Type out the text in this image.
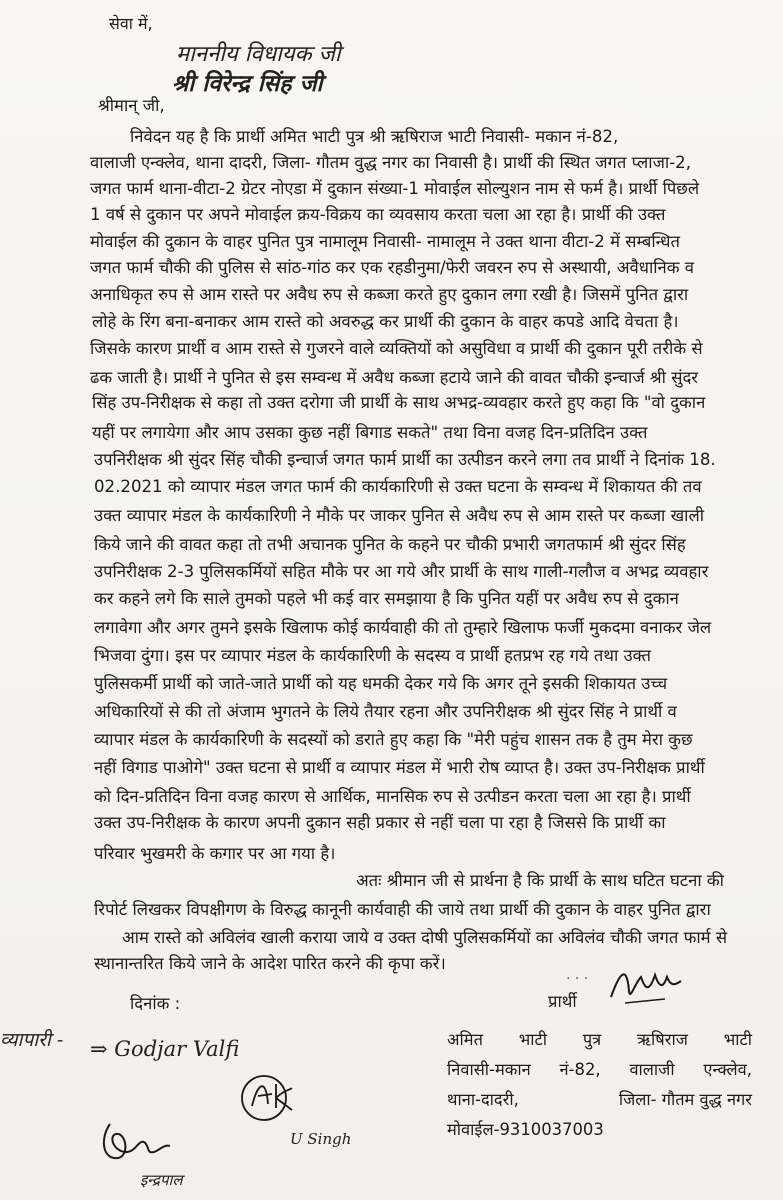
सेवा में,
माननीय विधायक जी
श्री विरेन्द्र सिंह जी
श्रीमान् जी,
निवेदन यह है कि प्रार्थी अमित भाटी पुत्र श्री ऋषिराज भाटी निवासी- मकान नं-82,
वालाजी एन्क्लेव, थाना दादरी, जिला- गौतम वुद्ध नगर का निवासी है। प्रार्थी की स्थित जगत प्लाजा-2,
जगत फार्म थाना-वीटा-2 ग्रेटर नोएडा में दुकान संख्या-1 मोवाईल सोल्युशन नाम से फर्म है। प्रार्थी पिछले
1 वर्ष से दुकान पर अपने मोवाईल क्रय-विक्रय का व्यवसाय करता चला आ रहा है। प्रार्थी की उक्त
मोवाईल की दुकान के वाहर पुनित पुत्र नामालूम निवासी- नामालूम ने उक्त थाना वीटा-2 में सम्बन्धित
जगत फार्म चौकी की पुलिस से सांठ-गांठ कर एक रहडीनुमा/फेरी जवरन रुप से अस्थायी, अवैधानिक व
अनाधिकृत रुप से आम रास्ते पर अवैध रुप से कब्जा करते हुए दुकान लगा रखी है। जिसमें पुनित द्वारा
लोहे के रिंग बना-बनाकर आम रास्ते को अवरुद्ध कर प्रार्थी की दुकान के वाहर कपडे आदि वेचता है।
जिसके कारण प्रार्थी व आम रास्ते से गुजरने वाले व्यक्तियों को असुविधा व प्रार्थी की दुकान पूरी तरीके से
ढक जाती है। प्रार्थी ने पुनित से इस सम्वन्ध में अवैध कब्जा हटाये जाने की वावत चौकी इन्चार्ज श्री सुंदर
सिंह उप-निरीक्षक से कहा तो उक्त दरोगा जी प्रार्थी के साथ अभद्र-व्यवहार करते हुए कहा कि "वो दुकान
यहीं पर लगायेगा और आप उसका कुछ नहीं बिगाड सकते" तथा विना वजह दिन-प्रतिदिन उक्त
उपनिरीक्षक श्री सुंदर सिंह चौकी इन्चार्ज जगत फार्म प्रार्थी का उत्पीडन करने लगा तव प्रार्थी ने दिनांक 18.
02.2021 को व्यापार मंडल जगत फार्म की कार्यकारिणी से उक्त घटना के सम्वन्ध में शिकायत की तव
उक्त व्यापार मंडल के कार्यकारिणी ने मौके पर जाकर पुनित से अवैध रुप से आम रास्ते पर कब्जा खाली
किये जाने की वावत कहा तो तभी अचानक पुनित के कहने पर चौकी प्रभारी जगतफार्म श्री सुंदर सिंह
उपनिरीक्षक 2-3 पुलिसकर्मियों सहित मौके पर आ गये और प्रार्थी के साथ गाली-गलौज व अभद्र व्यवहार
कर कहने लगे कि साले तुमको पहले भी कई वार समझाया है कि पुनित यहीं पर अवैध रुप से दुकान
लगावेगा और अगर तुमने इसके खिलाफ कोई कार्यवाही की तो तुम्हारे खिलाफ फर्जी मुकदमा वनाकर जेल
भिजवा दुंगा। इस पर व्यापार मंडल के कार्यकारिणी के सदस्य व प्रार्थी हतप्रभ रह गये तथा उक्त
पुलिसकर्मी प्रार्थी को जाते-जाते प्रार्थी को यह धमकी देकर गये कि अगर तूने इसकी शिकायत उच्च
अधिकारियों से की तो अंजाम भुगतने के लिये तैयार रहना और उपनिरीक्षक श्री सुंदर सिंह ने प्रार्थी व
व्यापार मंडल के कार्यकारिणी के सदस्यों को डराते हुए कहा कि "मेरी पहुंच शासन तक है तुम मेरा कुछ
नहीं विगाड पाओगे" उक्त घटना से प्रार्थी व व्यापार मंडल में भारी रोष व्याप्त है। उक्त उप-निरीक्षक प्रार्थी
को दिन-प्रतिदिन विना वजह कारण से आर्थिक, मानसिक रुप से उत्पीडन करता चला आ रहा है। प्रार्थी
उक्त उप-निरीक्षक के कारण अपनी दुकान सही प्रकार से नहीं चला पा रहा है जिससे कि प्रार्थी का
परिवार भुखमरी के कगार पर आ गया है।
अतः श्रीमान जी से प्रार्थना है कि प्रार्थी के साथ घटित घटना की
रिपोर्ट लिखकर विपक्षीगण के विरुद्ध कानूनी कार्यवाही की जाये तथा प्रार्थी की दुकान के वाहर पुनित द्वारा
आम रास्ते को अविलंव खाली कराया जाये व उक्त दोषी पुलिसकर्मियों का अविलंव चौकी जगत फार्म से
स्थानान्तरित किये जाने के आदेश पारित करने की कृपा करें।
. . .
प्रार्थी
दिनांक :
अमित भाटी पुत्र ऋषिराज भाटी
निवासी-मकान नं-82, वालाजी एन्क्लेव,
थाना-दादरी,	जिला- गौतम वुद्ध नगर
मोवाईल-9310037003
व्यापारी - ⇒ Godjar Valfi
U Singh
इन्द्रपाल
